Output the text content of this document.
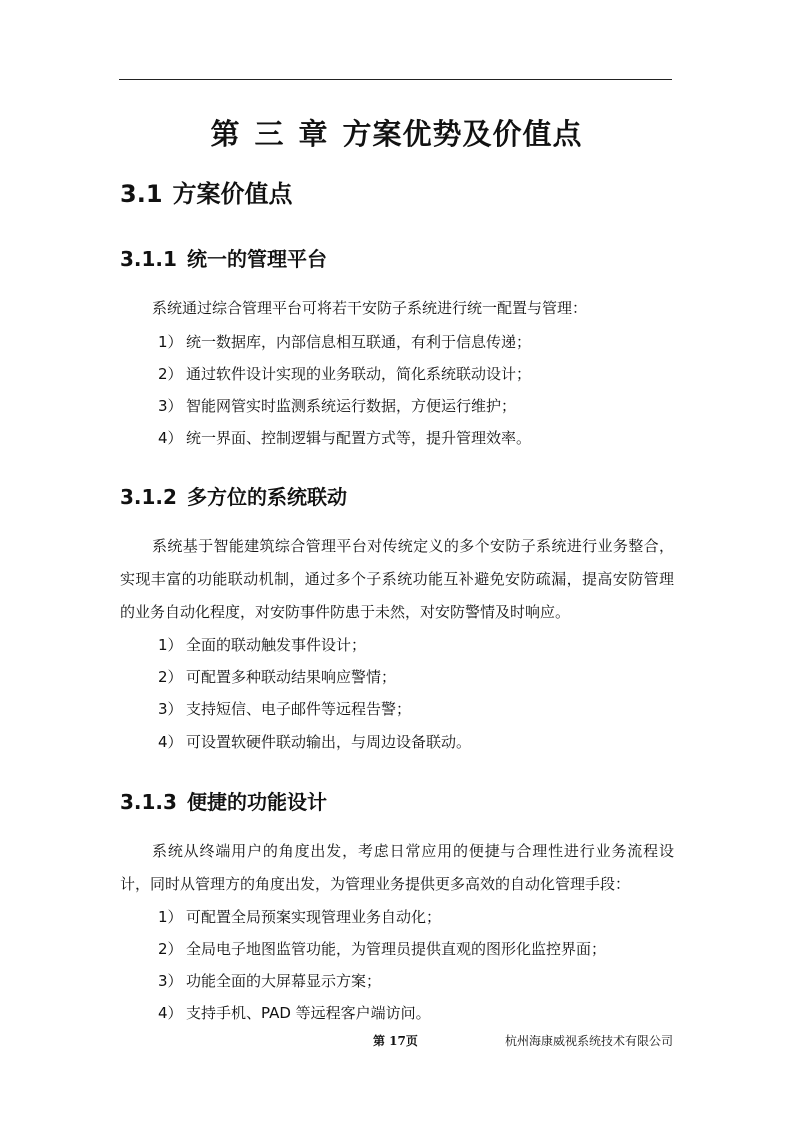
第 三 章 方案优势及价值点
3.1 方案价值点
3.1.1 统一的管理平台
系统通过综合管理平台可将若干安防子系统进行统一配置与管理：
1） 统一数据库，内部信息相互联通，有利于信息传递；
2） 通过软件设计实现的业务联动，简化系统联动设计；
3） 智能网管实时监测系统运行数据，方便运行维护；
4） 统一界面、控制逻辑与配置方式等，提升管理效率。
3.1.2 多方位的系统联动
系统基于智能建筑综合管理平台对传统定义的多个安防子系统进行业务整合，实现丰富的功能联动机制，通过多个子系统功能互补避免安防疏漏，提高安防管理的业务自动化程度，对安防事件防患于未然，对安防警情及时响应。
1） 全面的联动触发事件设计；
2） 可配置多种联动结果响应警情；
3） 支持短信、电子邮件等远程告警；
4） 可设置软硬件联动输出，与周边设备联动。
3.1.3 便捷的功能设计
系统从终端用户的角度出发，考虑日常应用的便捷与合理性进行业务流程设计，同时从管理方的角度出发，为管理业务提供更多高效的自动化管理手段：
1） 可配置全局预案实现管理业务自动化；
2） 全局电子地图监管功能，为管理员提供直观的图形化监控界面；
3） 功能全面的大屏幕显示方案；
4） 支持手机、PAD 等远程客户端访问。
第 17页	杭州海康威视系统技术有限公司
